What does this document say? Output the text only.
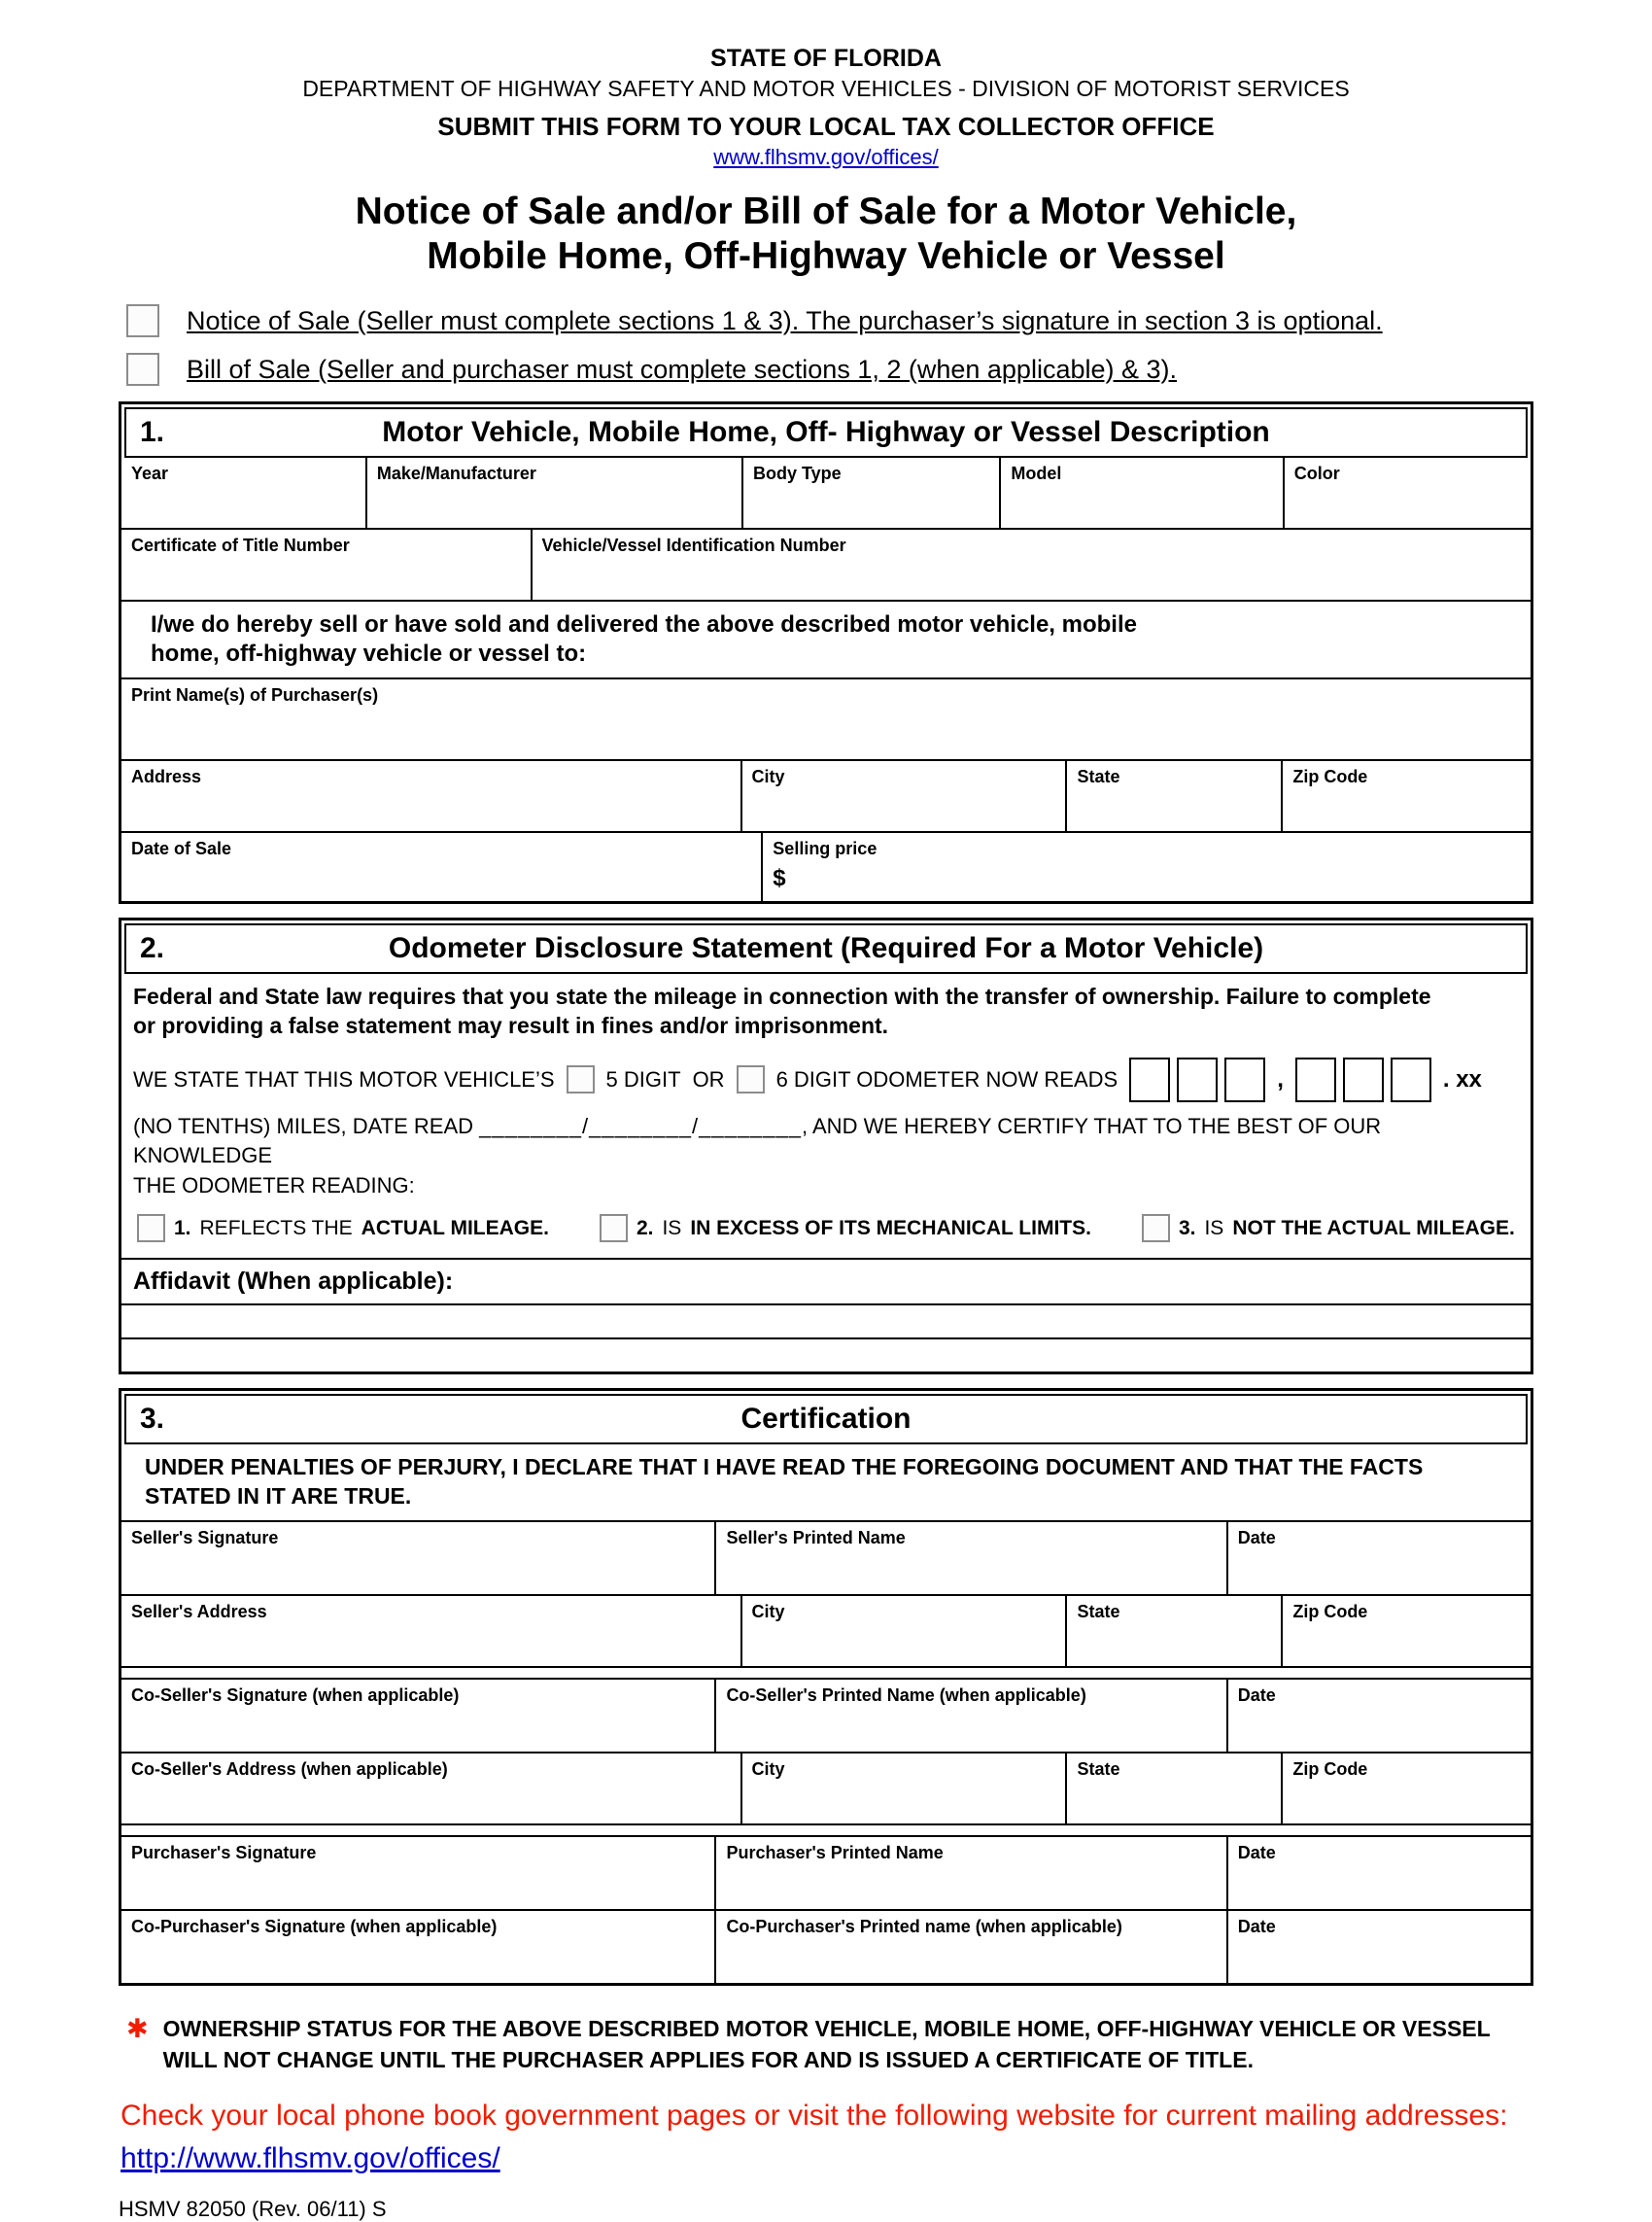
STATE OF FLORIDA
DEPARTMENT OF HIGHWAY SAFETY AND MOTOR VEHICLES - DIVISION OF MOTORIST SERVICES
SUBMIT THIS FORM TO YOUR LOCAL TAX COLLECTOR OFFICE
www.flhsmv.gov/offices/
Notice of Sale and/or Bill of Sale for a Motor Vehicle,
Mobile Home, Off-Highway Vehicle or Vessel
Notice of Sale (Seller must complete sections 1 & 3). The purchaser’s signature in section 3 is optional.
Bill of Sale (Seller and purchaser must complete sections 1, 2 (when applicable) & 3).
1.	Motor Vehicle, Mobile Home, Off- Highway or Vessel Description
Year	Make/Manufacturer	Body Type	Model	Color
Certificate of Title Number	Vehicle/Vessel Identification Number
I/we do hereby sell or have sold and delivered the above described motor vehicle, mobile home, off-highway vehicle or vessel to:
Print Name(s) of Purchaser(s)
Address	City	State	Zip Code
Date of Sale	Selling price
$
2.	Odometer Disclosure Statement (Required For a Motor Vehicle)

Federal and State law requires that you state the mileage in connection with the transfer of ownership. Failure to complete or providing a false statement may result in fines and/or imprisonment.

WE STATE THAT THIS MOTOR VEHICLE’S 5 DIGIT OR 6 DIGIT ODOMETER NOW READS	,	. xx
(NO TENTHS) MILES, DATE READ ________/________/________, AND WE HEREBY CERTIFY THAT TO THE BEST OF OUR KNOWLEDGE
THE ODOMETER READING:
1. REFLECTS THE ACTUAL MILEAGE.	2. IS IN EXCESS OF ITS MECHANICAL LIMITS.	3. IS NOT THE ACTUAL MILEAGE.
Affidavit (When applicable):
3.	Certification

UNDER PENALTIES OF PERJURY, I DECLARE THAT I HAVE READ THE FOREGOING DOCUMENT AND THAT THE FACTS STATED IN IT ARE TRUE.

Seller's Signature	Seller's Printed Name	Date
Seller's Address	City	State	Zip Code
Co-Seller's Signature (when applicable)	Co-Seller's Printed Name (when applicable)	Date
Co-Seller's Address (when applicable)	City	State	Zip Code
Purchaser's Signature	Purchaser's Printed Name	Date
Co-Purchaser's Signature (when applicable)	Co-Purchaser's Printed name (when applicable)	Date
✱ OWNERSHIP STATUS FOR THE ABOVE DESCRIBED MOTOR VEHICLE, MOBILE HOME, OFF-HIGHWAY VEHICLE OR VESSEL WILL NOT CHANGE UNTIL THE PURCHASER APPLIES FOR AND IS ISSUED A CERTIFICATE OF TITLE.
Check your local phone book government pages or visit the following website for current mailing addresses: http://www.flhsmv.gov/offices/
HSMV 82050 (Rev. 06/11) S
